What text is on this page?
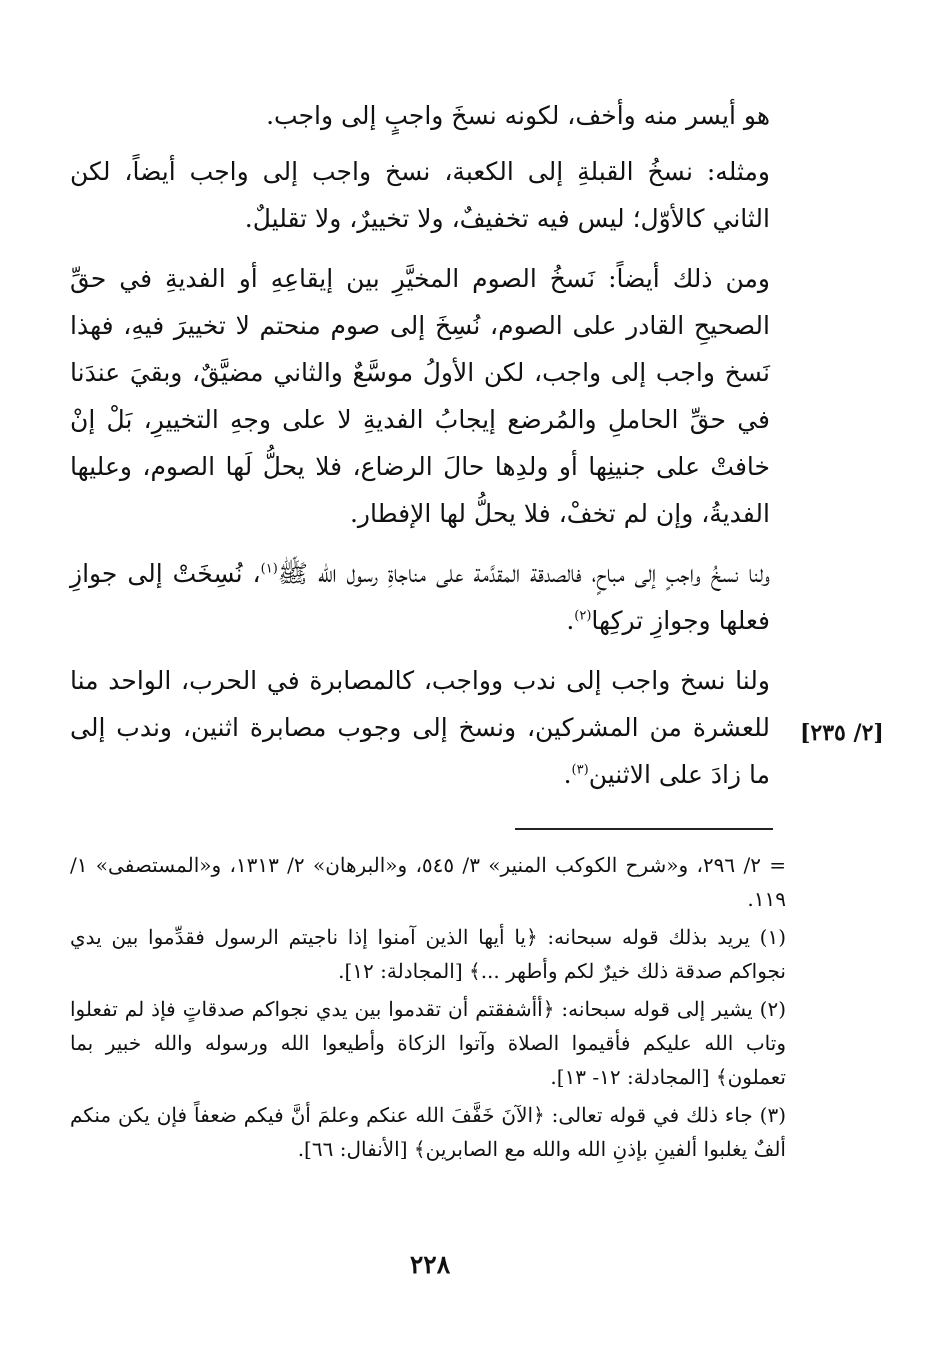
هو أيسر منه وأخف، لكونه نسخَ واجبٍ إلى واجب.

ومثله: نسخُ القبلةِ إلى الكعبة، نسخ واجب إلى واجب أيضاً، لكن الثاني كالأوّل؛ ليس فيه تخفيفٌ، ولا تخييرٌ، ولا تقليلٌ.

ومن ذلك أيضاً: نَسخُ الصوم المخيَّرِ بين إيقاعِهِ أو الفديةِ في حقِّ الصحيحِ القادر على الصوم، نُسِخَ إلى صوم منحتم لا تخييرَ فيهِ، فهذا نَسخ واجب إلى واجب، لكن الأولُ موسَّعٌ والثاني مضيَّقٌ، وبقيَ عندَنا في حقِّ الحاملِ والمُرضع إيجابُ الفديةِ لا على وجهِ التخييرِ، بَلْ إنْ خافتْ على جنينِها أو ولدِها حالَ الرضاع، فلا يحلُّ لَها الصوم، وعليها الفديةُ، وإن لم تخفْ، فلا يحلُّ لها الإفطار.

ولنا نسخُ واجبٍ إلى مباحٍ، فالصدقة المقدَّمة على مناجاةِ رسول الله ﷺ$^{(١)}$، نُسِخَتْ إلى جوازِ فعلها وجوازِ تركِها$^{(٢)}$.

ولنا نسخ واجب إلى ندب وواجب، كالمصابرة في الحرب، الواحد منا للعشرة من المشركين، ونسخ إلى وجوب مصابرة اثنين، وندب إلى ما زادَ على الاثنين$^{(٣)}$.

[٢/ ٢٣٥]

= ٢/ ٢٩٦، و«شرح الكوكب المنير» ٣/ ٥٤٥، و«البرهان» ٢/ ١٣١٣، و«المستصفى» ١/ ١١٩.

(١) يريد بذلك قوله سبحانه: ﴿يا أيها الذين آمنوا إذا ناجيتم الرسول فقدِّموا بين يدي نجواكم صدقة ذلك خيرٌ لكم وأطهر ...﴾ [المجادلة: ١٢].

(٢) يشير إلى قوله سبحانه: ﴿أأشفقتم أن تقدموا بين يدي نجواكم صدقاتٍ فإذ لم تفعلوا وتاب الله عليكم فأقيموا الصلاة وآتوا الزكاة وأطيعوا الله ورسوله والله خبير بما تعملون﴾ [المجادلة: ١٢- ١٣].

(٣) جاء ذلك في قوله تعالى: ﴿الآنَ خَفَّفَ الله عنكم وعلمَ أنَّ فيكم ضعفاً فإن يكن منكم ألفٌ يغلبوا ألفينِ بإذنِ الله والله مع الصابرين﴾ [الأنفال: ٦٦].

٢٢٨
